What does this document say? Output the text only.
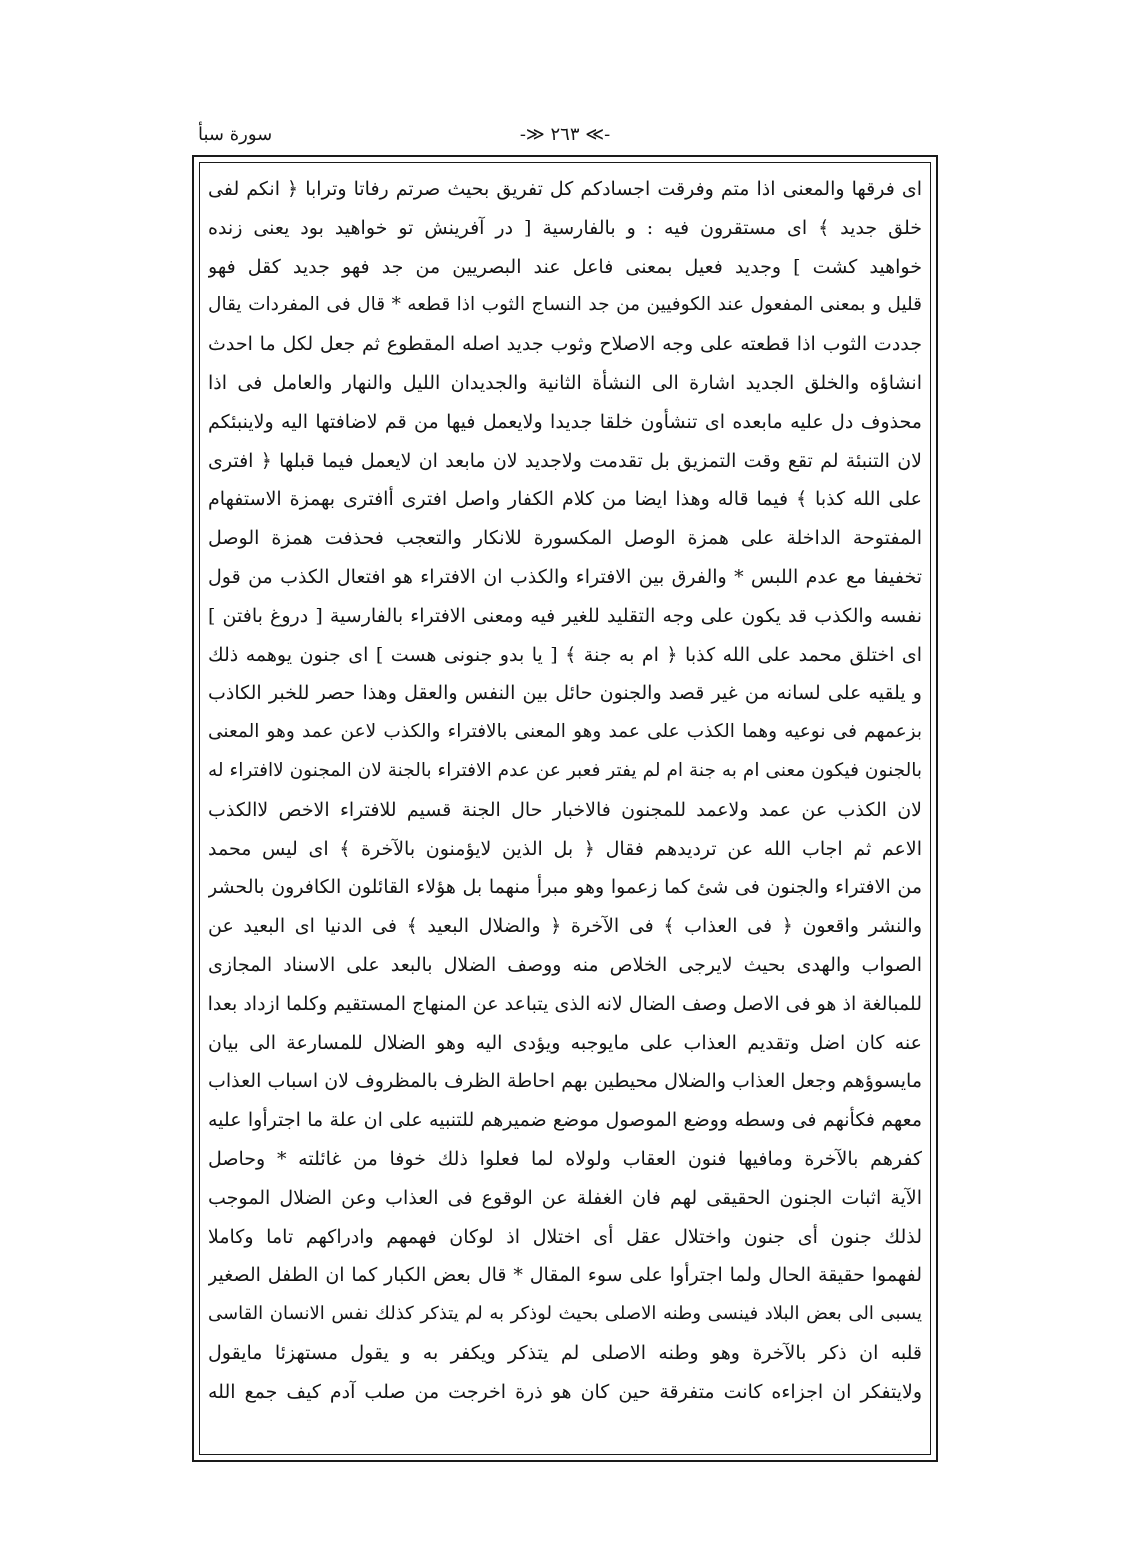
سورة سبأ	-≫ ٢٦٣ ≪-
اى فرقها والمعنى اذا متم وفرقت اجسادكم كل تفريق بحيث صرتم رفاتا وترابا ﴿ انكم لفى
خلق جديد ﴾ اى مستقرون فيه : و بالفارسية [ در آفرينش تو خواهيد بود يعنى زنده
خواهيد كشت ] وجديد فعيل بمعنى فاعل عند البصريين من جد فهو جديد كقل فهو
قليل و بمعنى المفعول عند الكوفيين من جد النساج الثوب اذا قطعه * قال فى المفردات يقال
جددت الثوب اذا قطعته على وجه الاصلاح وثوب جديد اصله المقطوع ثم جعل لكل ما احدث
انشاؤه والخلق الجديد اشارة الى النشأة الثانية والجديدان الليل والنهار والعامل فى اذا
محذوف دل عليه مابعده اى تنشأون خلقا جديدا ولايعمل فيها من قم لاضافتها اليه ولاينبئكم
لان التنبئة لم تقع وقت التمزيق بل تقدمت ولاجديد لان مابعد ان لايعمل فيما قبلها ﴿ افترى
على الله كذبا ﴾ فيما قاله وهذا ايضا من كلام الكفار واصل افترى أافترى بهمزة الاستفهام
المفتوحة الداخلة على همزة الوصل المكسورة للانكار والتعجب فحذفت همزة الوصل
تخفيفا مع عدم اللبس * والفرق بين الافتراء والكذب ان الافتراء هو افتعال الكذب من قول
نفسه والكذب قد يكون على وجه التقليد للغير فيه ومعنى الافتراء بالفارسية [ دروغ بافتن ]
اى اختلق محمد على الله كذبا ﴿ ام به جنة ﴾ [ يا بدو جنونى هست ] اى جنون يوهمه ذلك
و يلقيه على لسانه من غير قصد والجنون حائل بين النفس والعقل وهذا حصر للخبر الكاذب
بزعمهم فى نوعيه وهما الكذب على عمد وهو المعنى بالافتراء والكذب لاعن عمد وهو المعنى
بالجنون فيكون معنى ام به جنة ام لم يفتر فعبر عن عدم الافتراء بالجنة لان المجنون لاافتراء له
لان الكذب عن عمد ولاعمد للمجنون فالاخبار حال الجنة قسيم للافتراء الاخص لاالكذب
الاعم ثم اجاب الله عن ترديدهم فقال ﴿ بل الذين لايؤمنون بالآخرة ﴾ اى ليس محمد
من الافتراء والجنون فى شئ كما زعموا وهو مبرأ منهما بل هؤلاء القائلون الكافرون بالحشر
والنشر واقعون ﴿ فى العذاب ﴾ فى الآخرة ﴿ والضلال البعيد ﴾ فى الدنيا اى البعيد عن
الصواب والهدى بحيث لايرجى الخلاص منه ووصف الضلال بالبعد على الاسناد المجازى
للمبالغة اذ هو فى الاصل وصف الضال لانه الذى يتباعد عن المنهاج المستقيم وكلما ازداد بعدا
عنه كان اضل وتقديم العذاب على مايوجبه ويؤدى اليه وهو الضلال للمسارعة الى بيان
مايسوؤهم وجعل العذاب والضلال محيطين بهم احاطة الظرف بالمظروف لان اسباب العذاب
معهم فكأنهم فى وسطه ووضع الموصول موضع ضميرهم للتنبيه على ان علة ما اجترأوا عليه
كفرهم بالآخرة ومافيها فنون العقاب ولولاه لما فعلوا ذلك خوفا من غائلته * وحاصل
الآية اثبات الجنون الحقيقى لهم فان الغفلة عن الوقوع فى العذاب وعن الضلال الموجب
لذلك جنون أى جنون واختلال عقل أى اختلال اذ لوكان فهمهم وادراكهم تاما وكاملا
لفهموا حقيقة الحال ولما اجترأوا على سوء المقال * قال بعض الكبار كما ان الطفل الصغير
يسبى الى بعض البلاد فينسى وطنه الاصلى بحيث لوذكر به لم يتذكر كذلك نفس الانسان القاسى
قلبه ان ذكر بالآخرة وهو وطنه الاصلى لم يتذكر ويكفر به و يقول مستهزئا مايقول
ولايتفكر ان اجزاءه كانت متفرقة حين كان هو ذرة اخرجت من صلب آدم كيف جمع الله
